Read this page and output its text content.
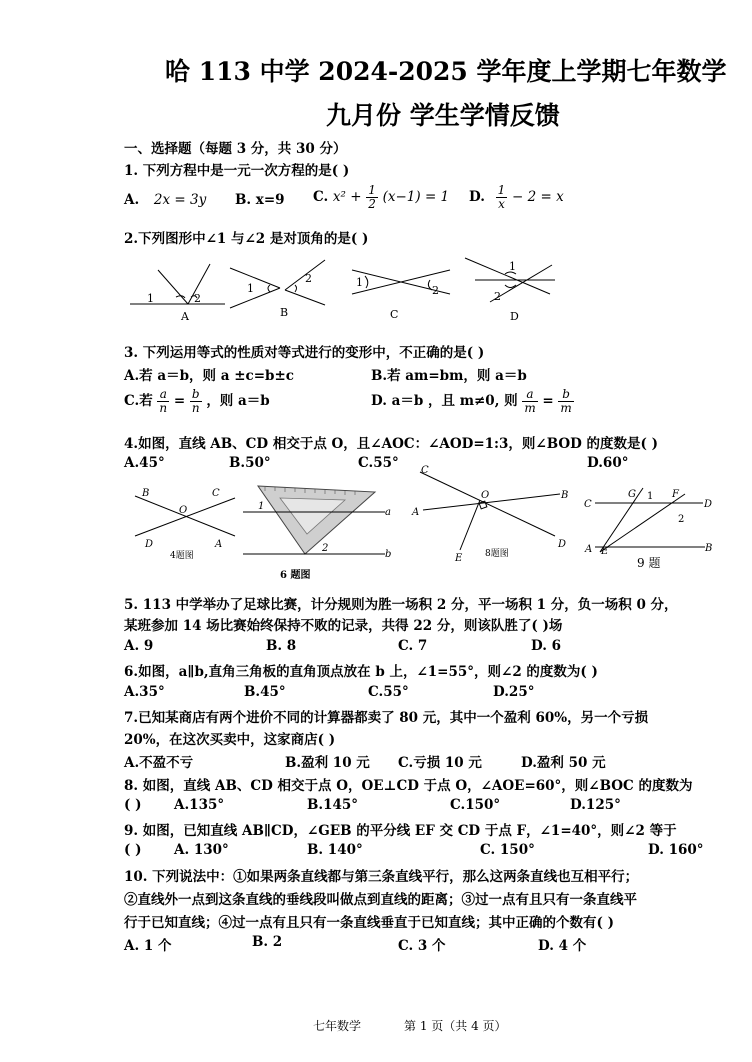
哈 113 中学 2024-2025 学年度上学期七年数学
九月份 学生学情反馈
一、选择题（每题 3 分，共 30 分）
1. 下列方程中是一元一次方程的是( )
A. 2x = 3y B. x=9 C. $x^2 + \frac{1}{2} (x-1) = 1$ D. $\frac{1}{x} - 2 = x$
2.下列图形中∠1 与∠2 是对顶角的是( )
1	2
A
1
2
B
1
2
C
1
2
D
3. 下列运用等式的性质对等式进行的变形中，不正确的是( )
A.若 a＝b，则 a ±c=b±c	B.若 am=bm，则 a＝b
C.若 $\frac{a}{n} = \frac{b}{n}$ ，则 a＝b	D. a＝b ，且 m≠0, 则 $\frac{a}{m} = \frac{b}{m}$
4.如图，直线 AB、CD 相交于点 O，且∠AOC：∠AOD=1:3，则∠BOD 的度数是( )
A.45°	B.50°	C.55°	D.60°
B	C
O
D	A
4题图
a
b
1
2
6 题图
C
O	B
A
E
D
8题图
C
G 1 F
D
2
A E	B
9 题
5. 113 中学举办了足球比赛，计分规则为胜一场积 2 分，平一场积 1 分，负一场积 0 分，
某班参加 14 场比赛始终保持不败的记录，共得 22 分，则该队胜了( )场
A. 9	B. 8	C. 7	D. 6
6.如图，a∥b,直角三角板的直角顶点放在 b 上，∠1=55°，则∠2 的度数为( )
A.35°	B.45°	C.55°	D.25°
7.已知某商店有两个进价不同的计算器都卖了 80 元，其中一个盈利 60%，另一个亏损
20%，在这次买卖中，这家商店( )
A.不盈不亏	B.盈利 10 元 C.亏损 10 元	D.盈利 50 元
8. 如图，直线 AB、CD 相交于点 O，OE⊥CD 于点 O，∠AOE=60°，则∠BOC 的度数为
( ) A.135°	B.145°	C.150°	D.125°
9. 如图，已知直线 AB∥CD，∠GEB 的平分线 EF 交 CD 于点 F，∠1=40°，则∠2 等于
( ) A. 130°	B. 140°	C. 150°	D. 160°
10. 下列说法中：①如果两条直线都与第三条直线平行，那么这两条直线也互相平行；
②直线外一点到这条直线的垂线段叫做点到直线的距离；③过一点有且只有一条直线平
行于已知直线；④过一点有且只有一条直线垂直于已知直线；其中正确的个数有( )
A. 1 个	B. 2	C. 3 个	D. 4 个
七年数学	第 1 页（共 4 页）
